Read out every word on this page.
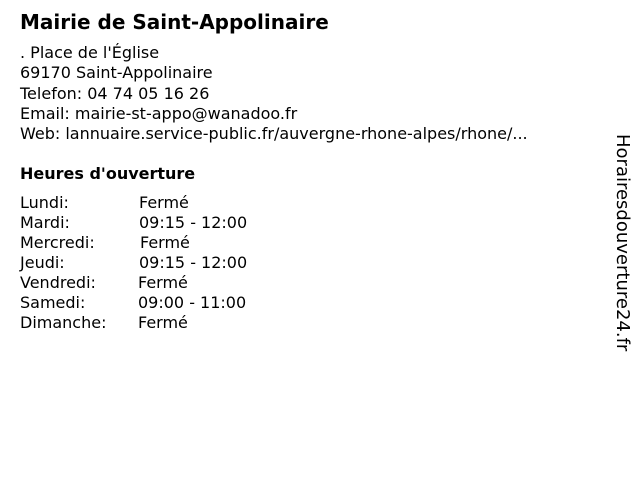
Mairie de Saint-Appolinaire
. Place de l'Église
69170 Saint-Appolinaire
Telefon: 04 74 05 16 26
Email: mairie-st-appo@wanadoo.fr
Web: lannuaire.service-public.fr/auvergne-rhone-alpes/rhone/...
Heures d'ouverture
Lundi:	Fermé
Mardi:	09:15 - 12:00
Mercredi:	Fermé
Jeudi:	09:15 - 12:00
Vendredi:	Fermé
Samedi:	09:00 - 11:00
Dimanche: Fermé	Horairesdouverture24.fr
